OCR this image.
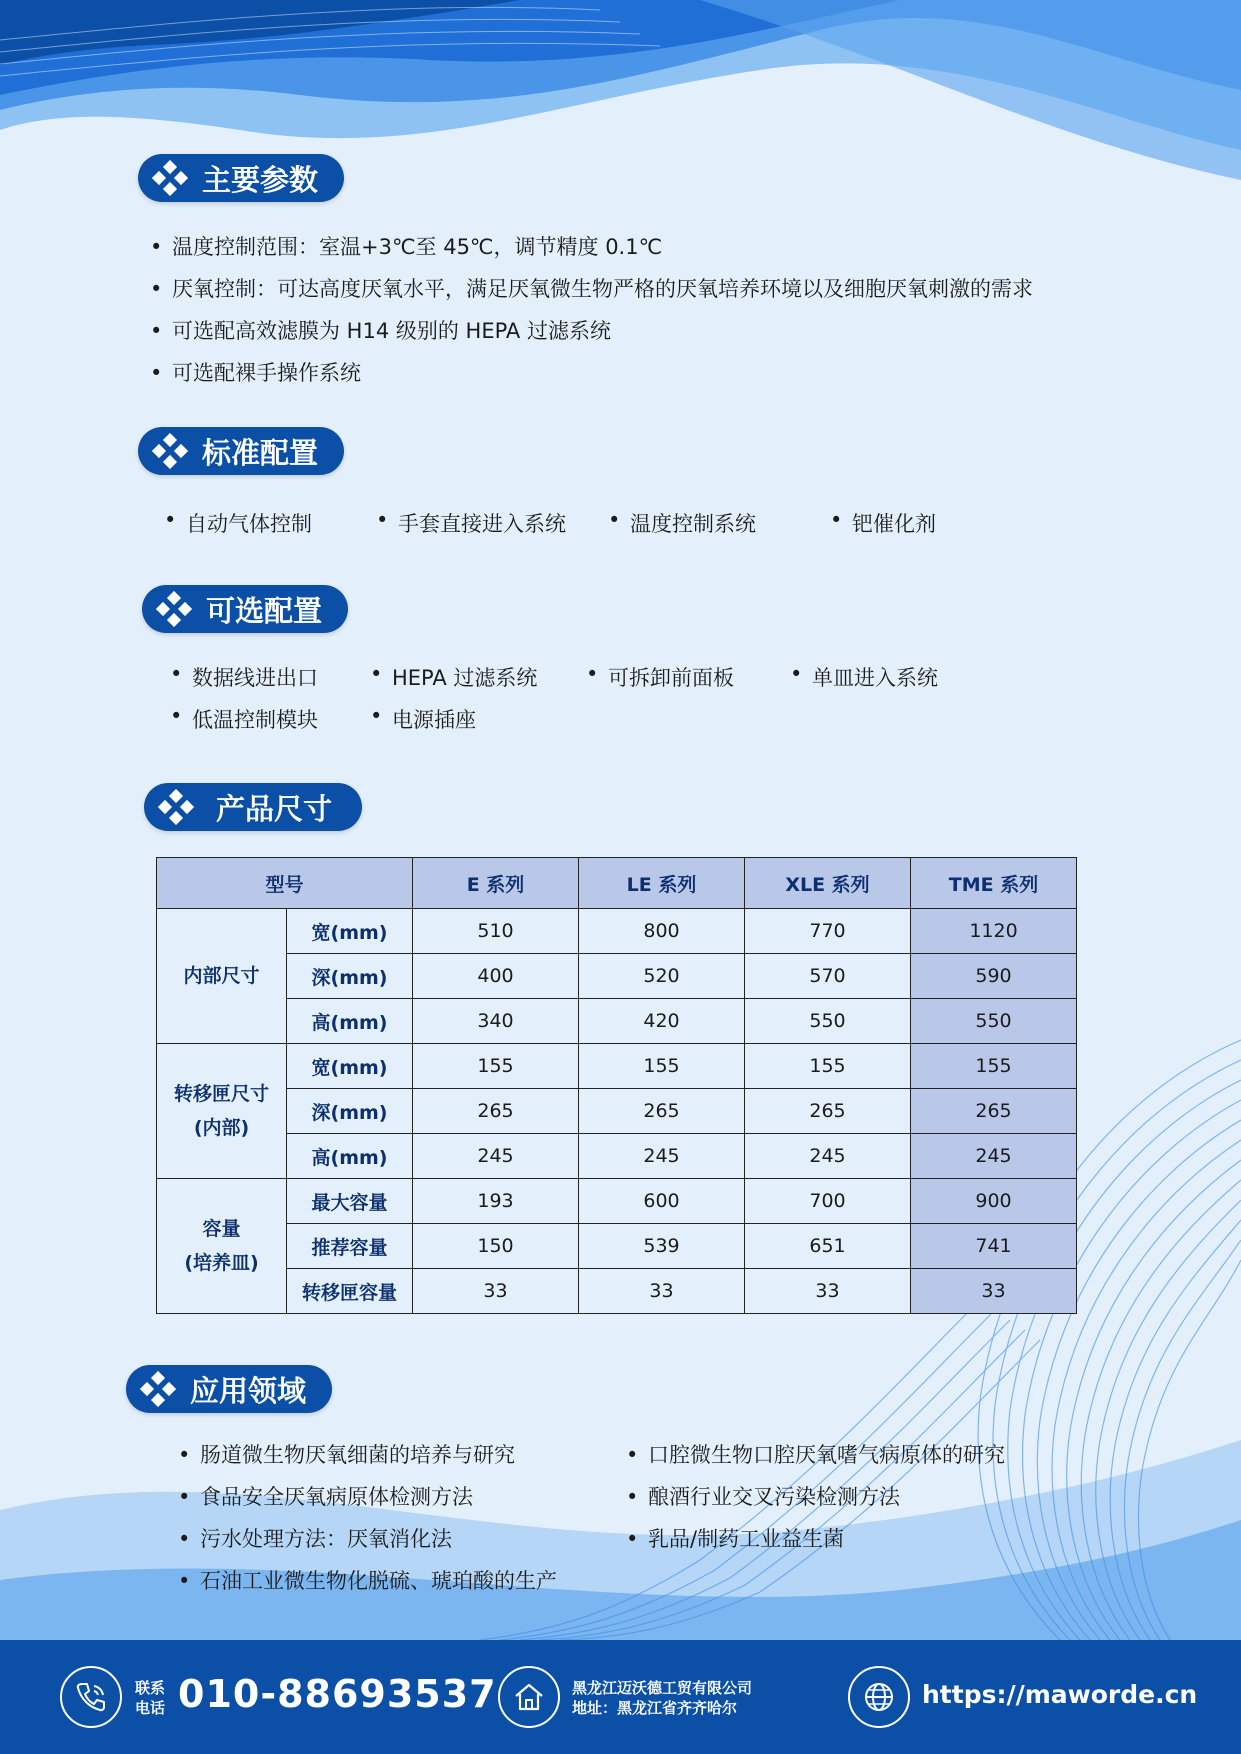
主要参数
• 温度控制范围：室温+3℃至 45℃，调节精度 0.1℃
• 厌氧控制：可达高度厌氧水平，满足厌氧微生物严格的厌氧培养环境以及细胞厌氧刺激的需求
• 可选配高效滤膜为 H14 级别的 HEPA 过滤系统
• 可选配裸手操作系统
标准配置
• 自动气体控制	• 手套直接进入系统	• 温度控制系统	• 钯催化剂
可选配置
• 数据线进出口	• HEPA 过滤系统	• 可拆卸前面板	• 单皿进入系统
• 低温控制模块	• 电源插座
产品尺寸
型号		E 系列	LE 系列	XLE 系列	TME 系列

内部尺寸	宽(mm)	510	800	770	1120
	深(mm)	400	520	570	590
	高(mm)	340	420	550	550

转移匣尺寸
(内部)	宽(mm)	155	155	155	155
	深(mm)	265	265	265	265
	高(mm)	245	245	245	245

容量
(培养皿)	最大容量	193	600	700	900
	推荐容量	150	539	651	741
	转移匣容量	33	33	33	33
应用领域
• 肠道微生物厌氧细菌的培养与研究
• 食品安全厌氧病原体检测方法
• 污水处理方法：厌氧消化法
• 石油工业微生物化脱硫、琥珀酸的生产
• 口腔微生物口腔厌氧嗜气病原体的研究
• 酿酒行业交叉污染检测方法
• 乳品/制药工业益生菌
联系
电话 010-88693537	黑龙江迈沃德工贸有限公司
地址：黑龙江省齐齐哈尔	https://maworde.cn
